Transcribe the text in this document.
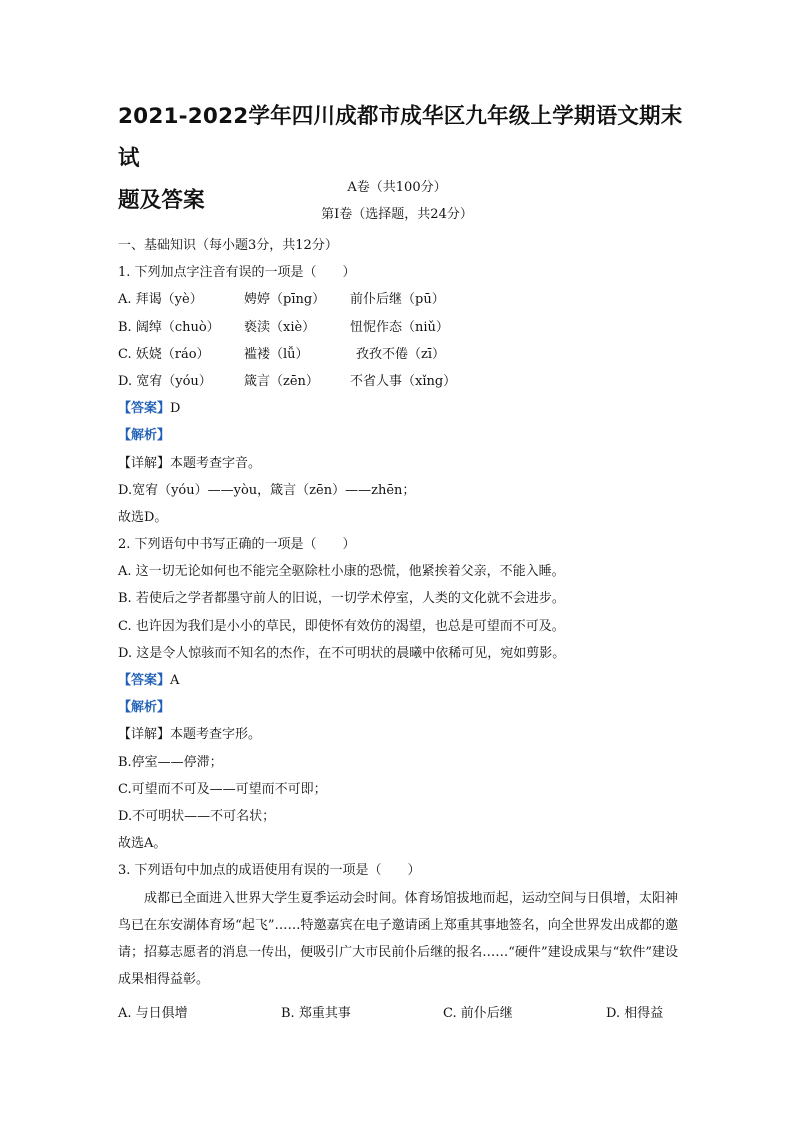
2021-2022学年四川成都市成华区九年级上学期语文期末试
题及答案
A卷（共100分）
第Ⅰ卷（选择题，共24分）
一、基础知识（每小题3分，共12分）
1. 下列加点字注音有误的一项是（　　）
A. 拜谒（yè）	娉婷（pīng）	前仆后继（pū）
B. 阔绰（chuò）	亵渎（xiè）	忸怩作态（niǔ）
C. 妖娆（ráo）	褴褛（lǚ）	孜孜不倦（zī）
D. 宽宥（yóu）	箴言（zēn）	不省人事（xǐng）
【答案】D
【解析】
【详解】本题考查字音。
D.宽宥（yóu）——yòu，箴言（zēn）——zhēn；
故选D。
2. 下列语句中书写正确的一项是（　　）
A. 这一切无论如何也不能完全驱除杜小康的恐慌，他紧挨着父亲，不能入睡。
B. 若使后之学者都墨守前人的旧说，一切学术停室，人类的文化就不会进步。
C. 也许因为我们是小小的草民，即使怀有效仿的渴望，也总是可望而不可及。
D. 这是令人惊骇而不知名的杰作，在不可明状的晨曦中依稀可见，宛如剪影。
【答案】A
【解析】
【详解】本题考查字形。
B.停室——停滞；
C.可望而不可及——可望而不可即；
D.不可明状——不可名状；
故选A。
3. 下列语句中加点的成语使用有误的一项是（　　）
成都已全面进入世界大学生夏季运动会时间。体育场馆拔地而起，运动空间与日俱增，太阳神鸟已在东安湖体育场“起飞”……特邀嘉宾在电子邀请函上郑重其事地签名，向全世界发出成都的邀请；招募志愿者的消息一传出，便吸引广大市民前仆后继的报名……“硬件”建设成果与“软件”建设成果相得益彰。
A. 与日俱增	B. 郑重其事	C. 前仆后继	D. 相得益
